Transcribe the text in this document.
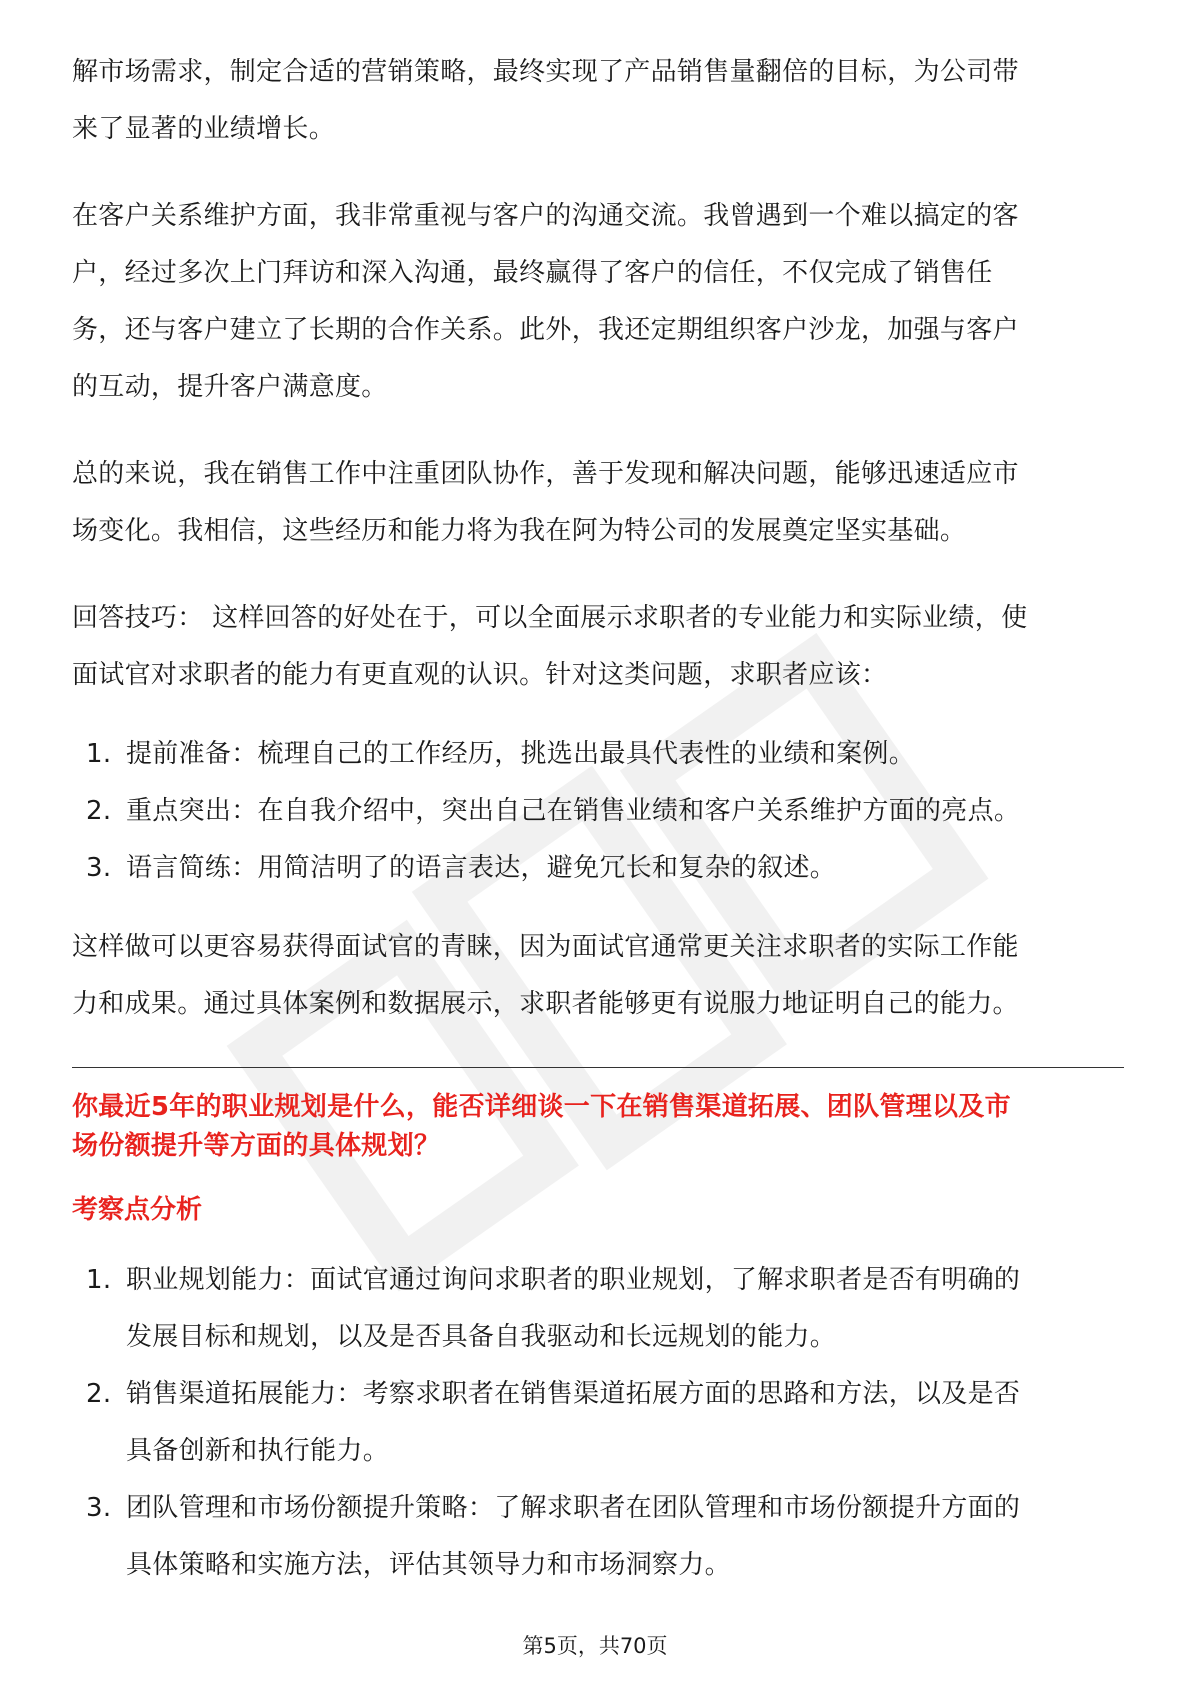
解市场需求，制定合适的营销策略，最终实现了产品销售量翻倍的目标，为公司带
来了显著的业绩增长。

在客户关系维护方面，我非常重视与客户的沟通交流。我曾遇到一个难以搞定的客
户，经过多次上门拜访和深入沟通，最终赢得了客户的信任，不仅完成了销售任
务，还与客户建立了长期的合作关系。此外，我还定期组织客户沙龙，加强与客户
的互动，提升客户满意度。

总的来说，我在销售工作中注重团队协作，善于发现和解决问题，能够迅速适应市
场变化。我相信，这些经历和能力将为我在阿为特公司的发展奠定坚实基础。

回答技巧： 这样回答的好处在于，可以全面展示求职者的专业能力和实际业绩，使
面试官对求职者的能力有更直观的认识。针对这类问题，求职者应该：

1. 提前准备：梳理自己的工作经历，挑选出最具代表性的业绩和案例。
2. 重点突出：在自我介绍中，突出自己在销售业绩和客户关系维护方面的亮点。
3. 语言简练：用简洁明了的语言表达，避免冗长和复杂的叙述。

这样做可以更容易获得面试官的青睐，因为面试官通常更关注求职者的实际工作能
力和成果。通过具体案例和数据展示，求职者能够更有说服力地证明自己的能力。

你最近5年的职业规划是什么，能否详细谈一下在销售渠道拓展、团队管理以及市
场份额提升等方面的具体规划？

考察点分析

1. 职业规划能力：面试官通过询问求职者的职业规划，了解求职者是否有明确的
发展目标和规划，以及是否具备自我驱动和长远规划的能力。
2. 销售渠道拓展能力：考察求职者在销售渠道拓展方面的思路和方法，以及是否
具备创新和执行能力。
3. 团队管理和市场份额提升策略：了解求职者在团队管理和市场份额提升方面的
具体策略和实施方法，评估其领导力和市场洞察力。
第5页，共70页
